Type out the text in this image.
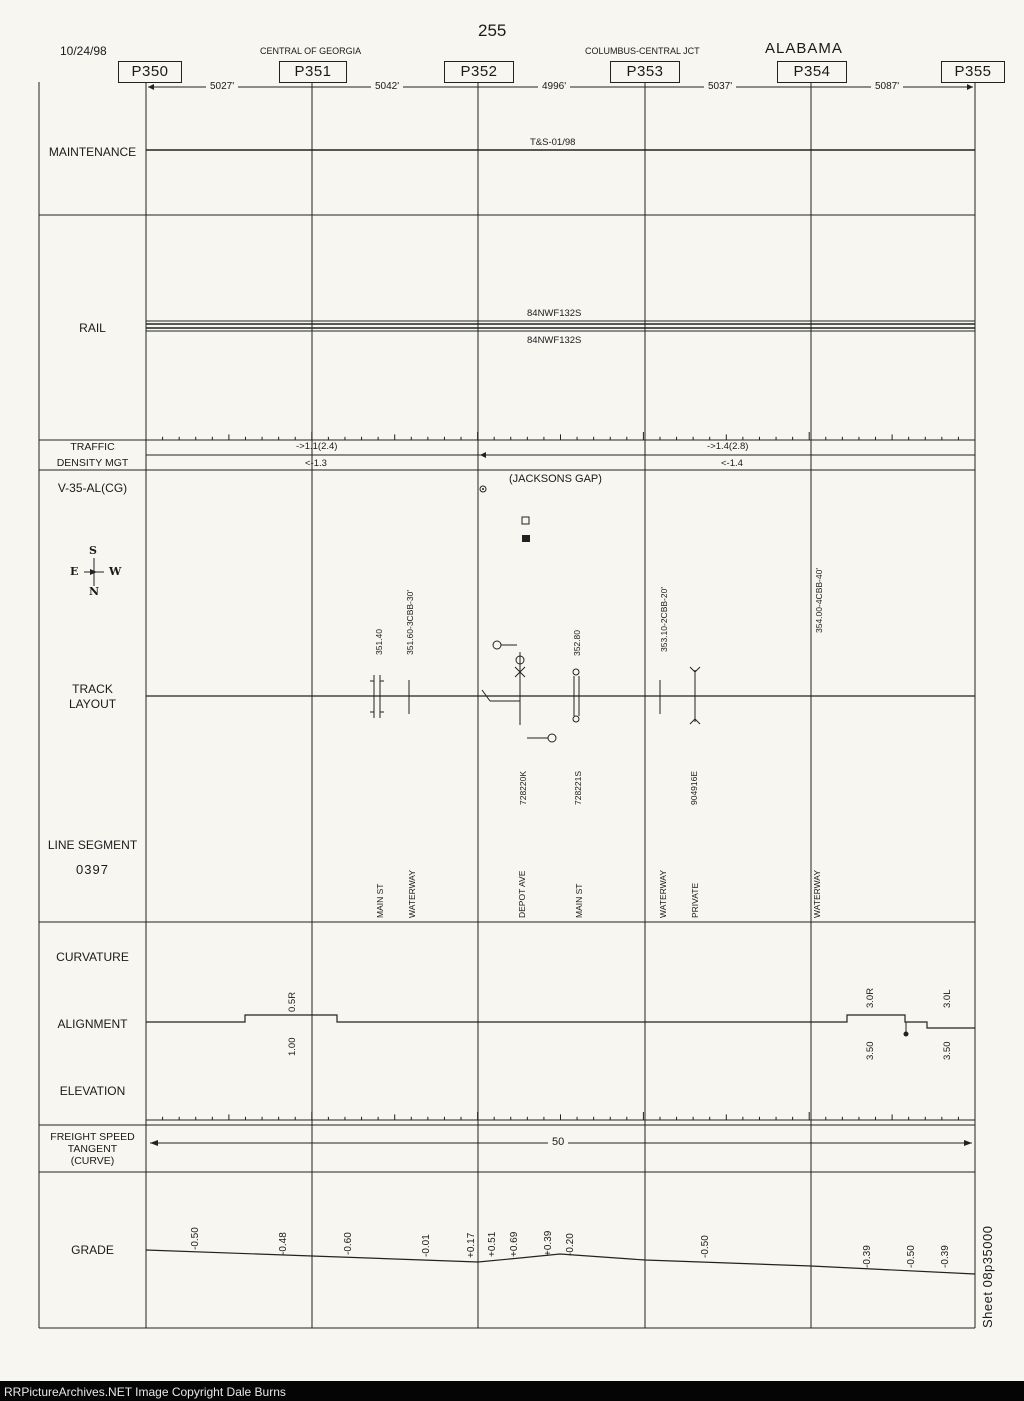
255
10/24/98	CENTRAL OF GEORGIA	COLUMBUS-CENTRAL JCT	ALABAMA
P350	P351	P352	P353	P354	P355
5027'	5042'	4996'	5037'	5087'
MAINTENANCE
RAIL
TRAFFIC
DENSITY MGT
V-35-AL(CG)
TRACK
LAYOUT
LINE SEGMENT
0397
CURVATURE
ALIGNMENT
ELEVATION
FREIGHT SPEED
TANGENT
(CURVE)
GRADE
S
E	W
N
T&S-01/98
84NWF132S
84NWF132S
->1.1(2.4)
<-1.3
->1.4(2.8)
<-1.4
(JACKSONS GAP)
351.40 351.60-3CBB-30'	352.80	353.10-2CBB-20'	354.00-4CBB-40'
728220K	728221S	904916E
MAIN ST	WATERWAY	DEPOT AVE	MAIN ST	WATERWAY	PRIVATE	WATERWAY
0.5R
1.00
3.0R
3.50
3.0L
3.50
50
-0.50	-0.48	-0.60	-0.01	+0.17 +0.51 +0.69 +0.39 -0.20	-0.50	-0.39	-0.50 -0.39 Sheet 08p35000
RRPictureArchives.NET Image Copyright Dale Burns
